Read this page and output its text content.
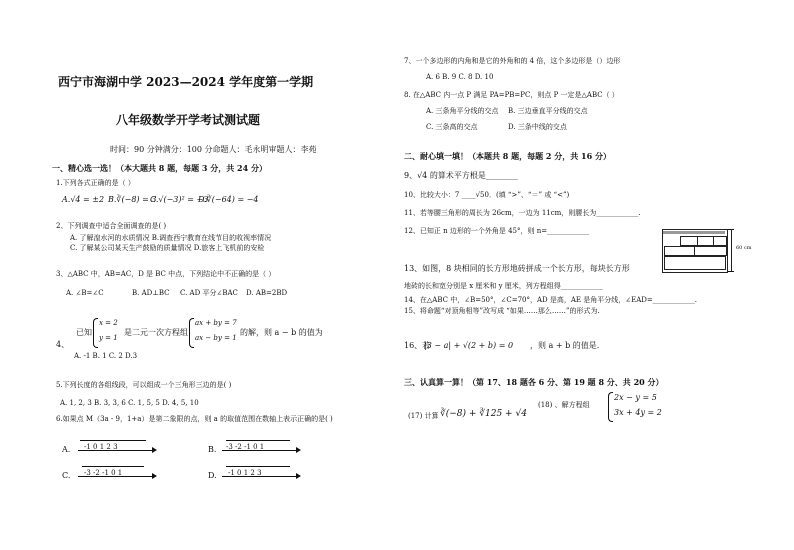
西宁市海湖中学 2023—2024 学年度第一学期
八年级数学开学考试测试题
时间：90 分钟满分：100 分命题人：毛永明审题人：李苑
一、精心选一选！（本大题共 8 题，每题 3 分，共 24 分）
1.下列各式正确的是（ ）
A.√4 = ±2 B.∛(−8) = 3
C.√(−3)² = −3
D.∛(−64) = −4
2、下列调查中适合全面调查的是( )
A. 了解湟水河的水质情况 B.调查西宁教育在线节目的收视率情况
C. 了解某公司某天生产鼓励的质量情况 D.旅客上飞机前的安检
3、△ABC 中，AB=AC，D 是 BC 中点，下列结论中不正确的是（ ）
A. ∠B=∠C	B. AD⊥BC C. AD 平分∠BAC D. AB=2BD
4、
已知
x = 2
y = 1
是二元一次方程组
ax + by = 7
ax − by = 1
的解，则 a − b 的值为
A. -1 B. 1 C. 2 D.3
5.下列长度的各组线段，可以组成一个三角形三边的是( )
A. 1, 2, 3 B. 3, 3, 6 C. 1, 5, 5 D. 4, 5, 10
6.如果点 M（3a - 9，1+a）是第二象限的点，则 a 的取值范围在数轴上表示正确的是( )
A. -1 0 1 2 3	B. -3 -2 -1 0 1
C. -3 -2 -1 0 1	D. -1 0 1 2 3
7、一个多边形的内角和是它的外角和的 4 倍，这个多边形是（）边形
A. 6 B. 9 C. 8 D. 10
8. 在△ABC 内一点 P 满足 PA=PB=PC，则点 P 一定是△ABC（ ）
A. 三条角平分线的交点 B. 三边垂直平分线的交点
C. 三条高的交点	D. 三条中线的交点
二、耐心填一填！（本题共 8 题，每题 2 分，共 16 分）
9、√4 的算术平方根是________
10、比较大小：7 ____√50．(填 “>”、“＝” 或 “<”)
11、若等腰三角形的周长为 26cm，一边为 11cm，则腰长为____________.
12、已知正 n 边形的一个外角是 45°，则 n=____________
60 cm
13、如图，8 块相同的长方形地砖拼成一个长方形，每块长方形
地砖的长和宽分别是 x 厘米和 y 厘米，列方程组得____________
14、在△ABC 中，∠B=50°，∠C=70°，AD 是高，AE 是角平分线，∠EAD=____________.
15、将命题“对顶角相等”改写成 “如果……那么……”的形式为.
16、若
|3 − a| + √(2 + b) = 0 ，则 a + b 的值是.
三、认真算一算！（第 17、18 题各 6 分、第 19 题 8 分、共 20 分）
(17) 计算 ∛(−8) + ∛125 + √4
(18) 、解方程组
2x − y = 5
3x + 4y = 2
